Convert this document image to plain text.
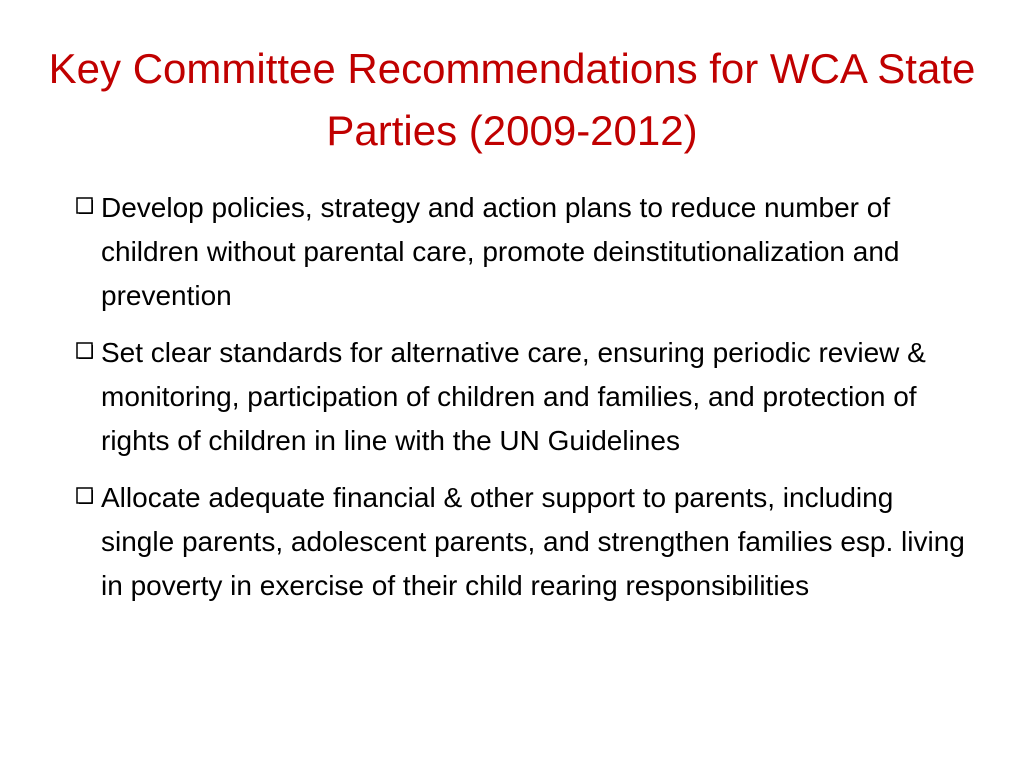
Key Committee Recommendations for WCA State Parties (2009-2012)
Develop policies, strategy and action plans to reduce number of children without parental care, promote deinstitutionalization and prevention
Set clear standards for alternative care, ensuring periodic review & monitoring, participation of children and families, and protection of rights of children in line with the UN Guidelines
Allocate adequate financial & other support to parents, including single parents, adolescent parents, and strengthen families esp. living in poverty in exercise of their child rearing responsibilities
